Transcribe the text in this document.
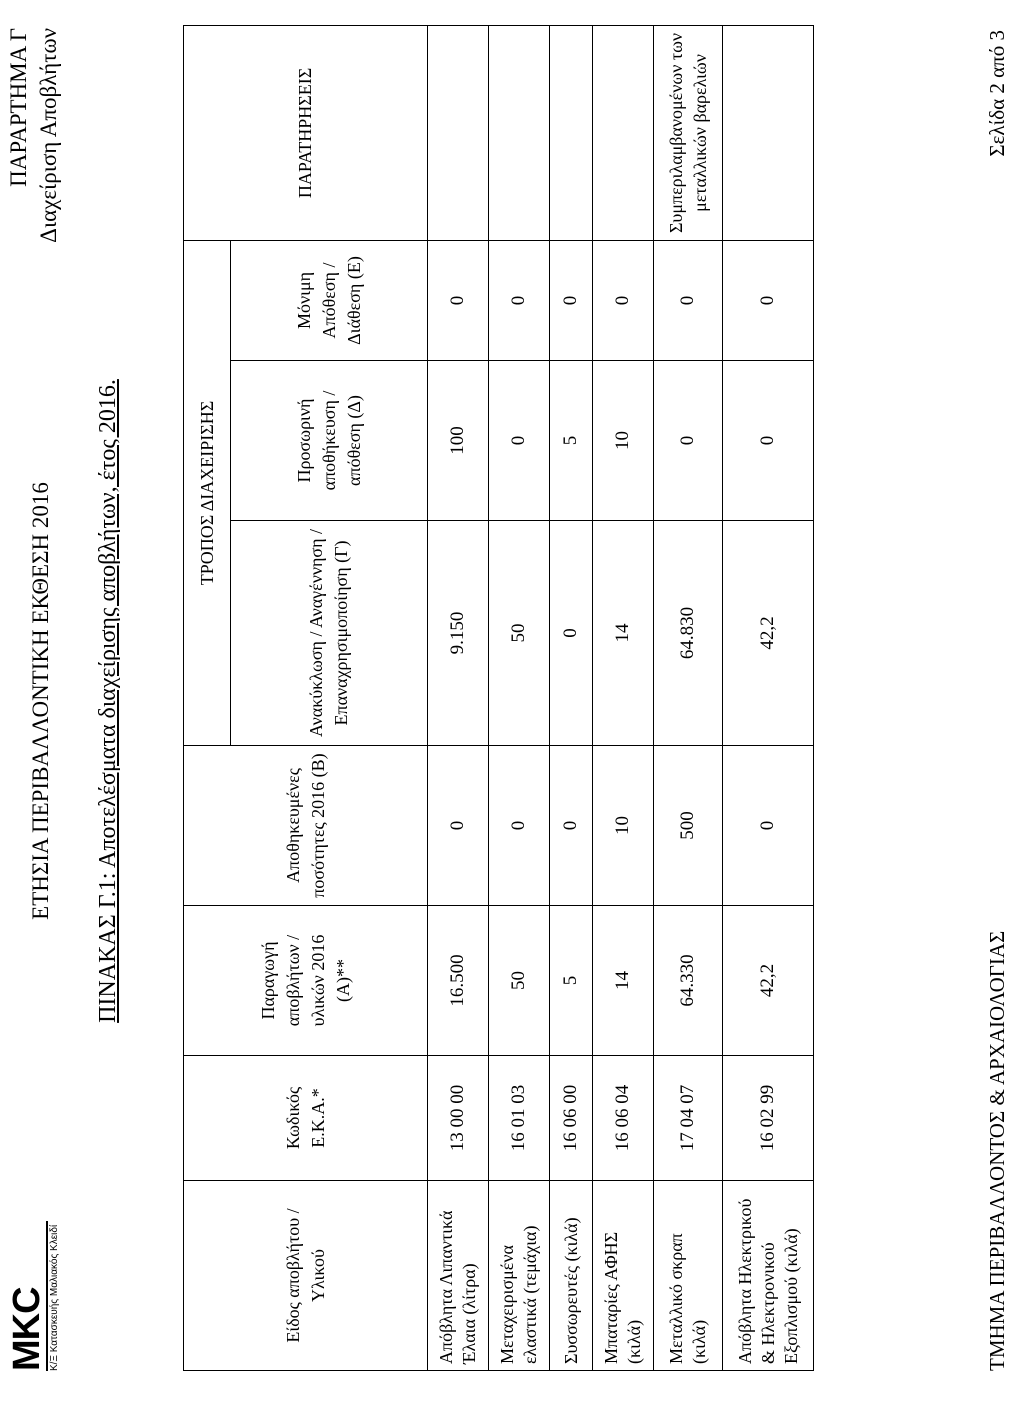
ΜΚC Κ/Ξ Κατασκευής Μαλιακός Κλειδί
ΕΤΗΣΙΑ ΠΕΡΙΒΑΛΛΟΝΤΙΚΗ ΕΚΘΕΣΗ 2016
ΠΑΡΑΡΤΗΜΑ Γ Διαχείριση Αποβλήτων
ΠΙΝΑΚΑΣ Γ.1: Αποτελέσματα διαχείρισης αποβλήτων, έτος 2016.
Είδος αποβλήτου / Υλικού	Κωδικός Ε.Κ.Α.*	Παραγωγή αποβλήτων / υλικών 2016 (Α)**	Αποθηκευμένες ποσότητες 2016 (Β)	ΤΡΟΠΟΣ ΔΙΑΧΕΙΡΙΣΗΣ			ΠΑΡΑΤΗΡΗΣΕΙΣ
				Ανακύκλωση / Αναγέννηση / Επαναχρησιμοποίηση (Γ)	Προσωρινή αποθήκευση / απόθεση (Δ)	Μόνιμη Απόθεση / Διάθεση (Ε)	
Απόβλητα Λιπαντικά Έλαια (λίτρα)	13 00 00	16.500	0	9.150	100	0	
Μεταχειρισμένα ελαστικά (τεμάχια)	16 01 03	50	0	50	0	0	
Συσσωρευτές (κιλά)	16 06 00	5	0	0	5	0	
Μπαταρίες ΑΦΗΣ (κιλά)	16 06 04	14	10	14	10	0	
Μεταλλικό σκραπ (κιλά)	17 04 07	64.330	500	64.830	0	0	Συμπεριλαμβανομένων των μεταλλικών βαρελιών
Απόβλητα Ηλεκτρικού & Ηλεκτρονικού Εξοπλισμού (κιλά)	16 02 99	42,2	0	42,2	0	0	
ΤΜΗΜΑ ΠΕΡΙΒΑΛΛΟΝΤΟΣ & ΑΡΧΑΙΟΛΟΓΙΑΣ
Σελίδα 2 από 3
